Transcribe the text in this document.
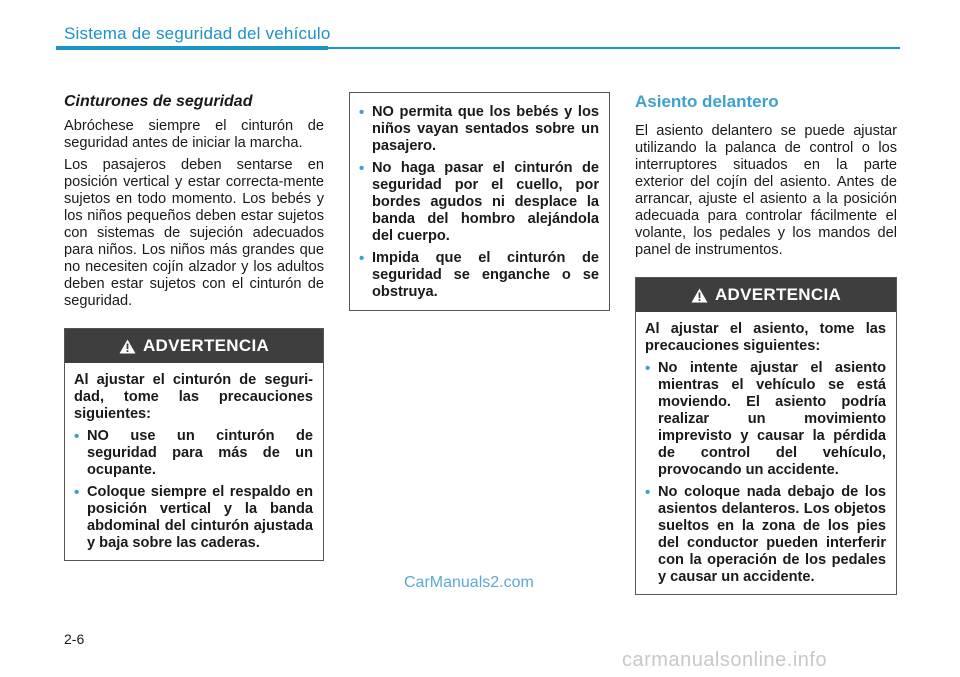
Sistema de seguridad del vehículo
Cinturones de seguridad

Abróchese siempre el cinturón de seguridad antes de iniciar la marcha.

Los pasajeros deben sentarse en posición vertical y estar correcta-mente sujetos en todo momento. Los bebés y los niños pequeños deben estar sujetos con sistemas de sujeción adecuados para niños. Los niños más grandes que no necesiten cojín alzador y los adultos deben estar sujetos con el cinturón de seguridad.

ADVERTENCIA

Al ajustar el cinturón de seguri-dad, tome las precauciones siguientes:

• NO use un cinturón de seguridad para más de un ocupante.
• Coloque siempre el respaldo en posición vertical y la banda abdominal del cinturón ajustada y baja sobre las caderas.
• NO permita que los bebés y los niños vayan sentados sobre un pasajero.
• No haga pasar el cinturón de seguridad por el cuello, por bordes agudos ni desplace la banda del hombro alejándola del cuerpo.
• Impida que el cinturón de seguridad se enganche o se obstruya.
Asiento delantero

El asiento delantero se puede ajustar utilizando la palanca de control o los interruptores situados en la parte exterior del cojín del asiento. Antes de arrancar, ajuste el asiento a la posición adecuada para controlar fácilmente el volante, los pedales y los mandos del panel de instrumentos.

ADVERTENCIA

Al ajustar el asiento, tome las precauciones siguientes:

• No intente ajustar el asiento mientras el vehículo se está moviendo. El asiento podría realizar un movimiento imprevisto y causar la pérdida de control del vehículo, provocando un accidente.
• No coloque nada debajo de los asientos delanteros. Los objetos sueltos en la zona de los pies del conductor pueden interferir con la operación de los pedales y causar un accidente.
CarManuals2.com
2-6
carmanualsonline.info
